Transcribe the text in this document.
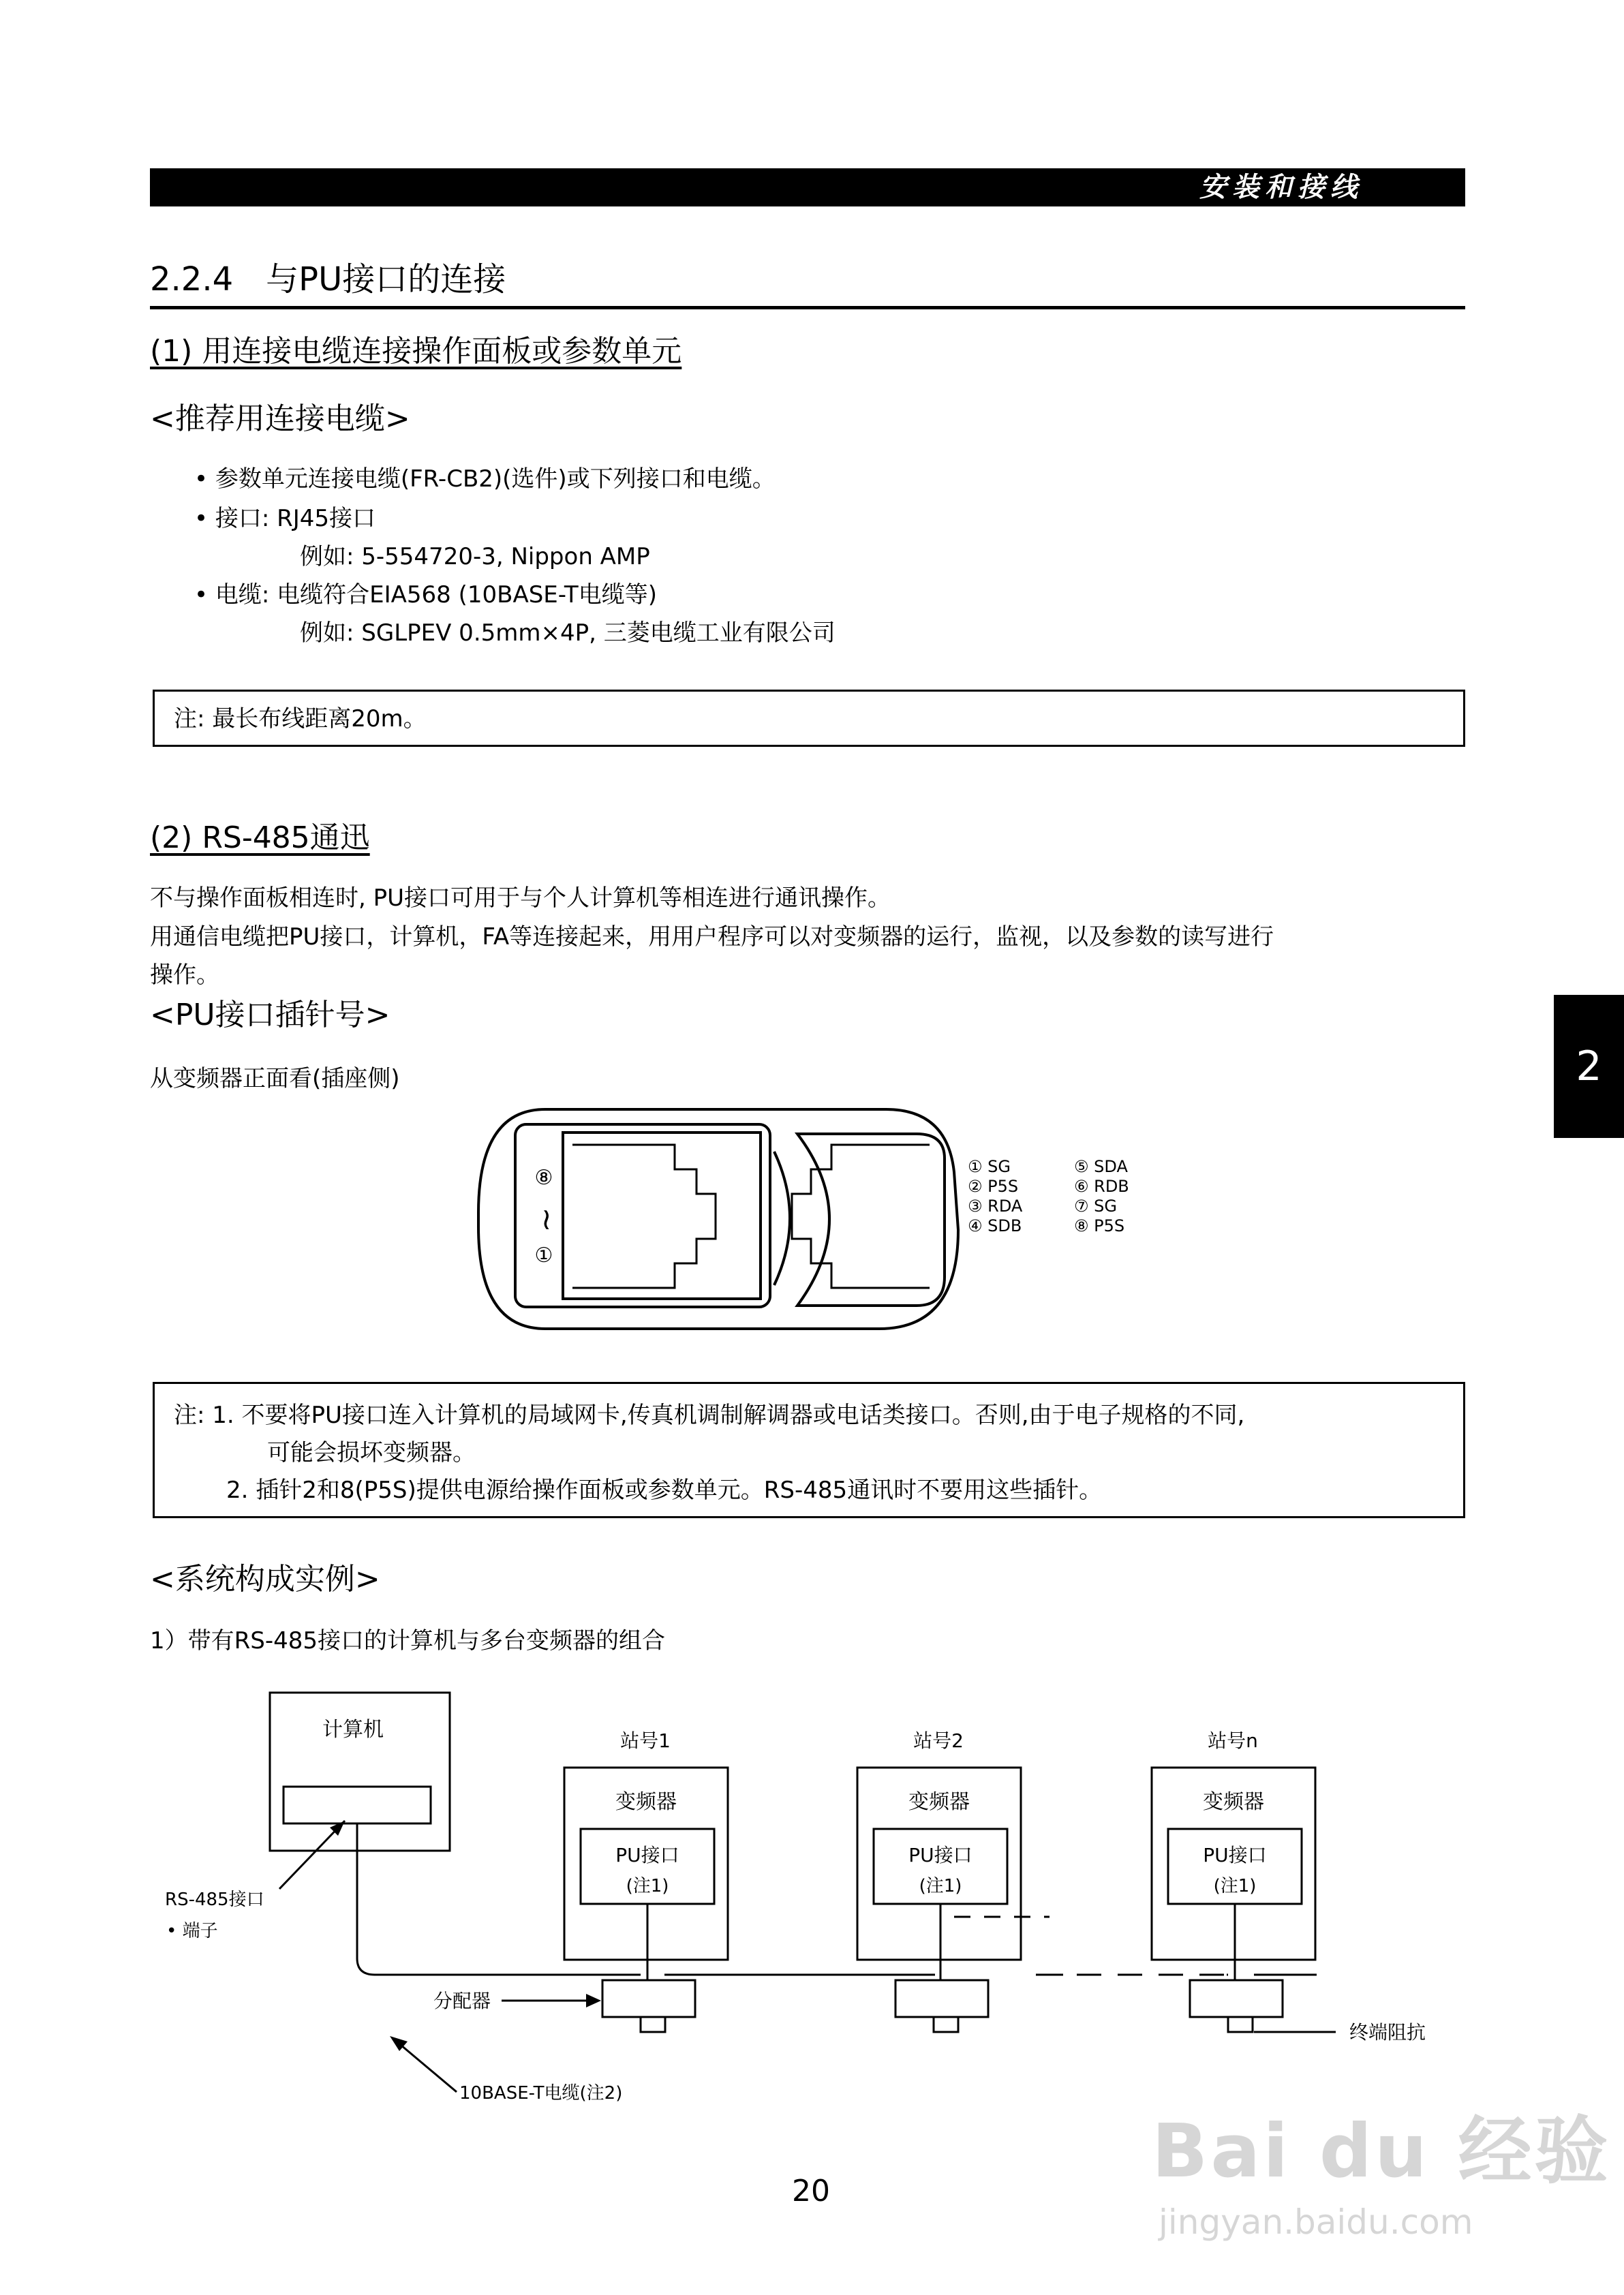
安装和接线
2.2.4　与PU接口的连接
(1) 用连接电缆连接操作面板或参数单元
<推荐用连接电缆>
• 参数单元连接电缆(FR-CB2)(选件)或下列接口和电缆。
• 接口: RJ45接口
例如: 5-554720-3, Nippon AMP
• 电缆: 电缆符合EIA568 (10BASE-T电缆等)
例如: SGLPEV 0.5mm×4P, 三菱电缆工业有限公司
注: 最长布线距离20m。
(2) RS-485通迅
不与操作面板相连时, PU接口可用于与个人计算机等相连进行通讯操作。
用通信电缆把PU接口，计算机，FA等连接起来，用用户程序可以对变频器的运行，监视，以及参数的读写进行
操作。
<PU接口插针号>
从变频器正面看(插座侧)
⑧
~
①
① SG
② P5S
③ RDA
④ SDB
⑤ SDA
⑥ RDB
⑦ SG
⑧ P5S
注: 1. 不要将PU接口连入计算机的局域网卡,传真机调制解调器或电话类接口。否则,由于电子规格的不同,
可能会损坏变频器。
2. 插针2和8(P5S)提供电源给操作面板或参数单元。RS-485通讯时不要用这些插针。
<系统构成实例>
1）带有RS-485接口的计算机与多台变频器的组合
计算机
RS-485接口
• 端子
站号1
变频器
PU接口
(注1)
站号2
变频器
PU接口
(注1)
站号n
变频器
PU接口
(注1)
分配器
终端阻抗
10BASE-T电缆(注2)
2
20	Bai du 经验
jingyan.baidu.com
